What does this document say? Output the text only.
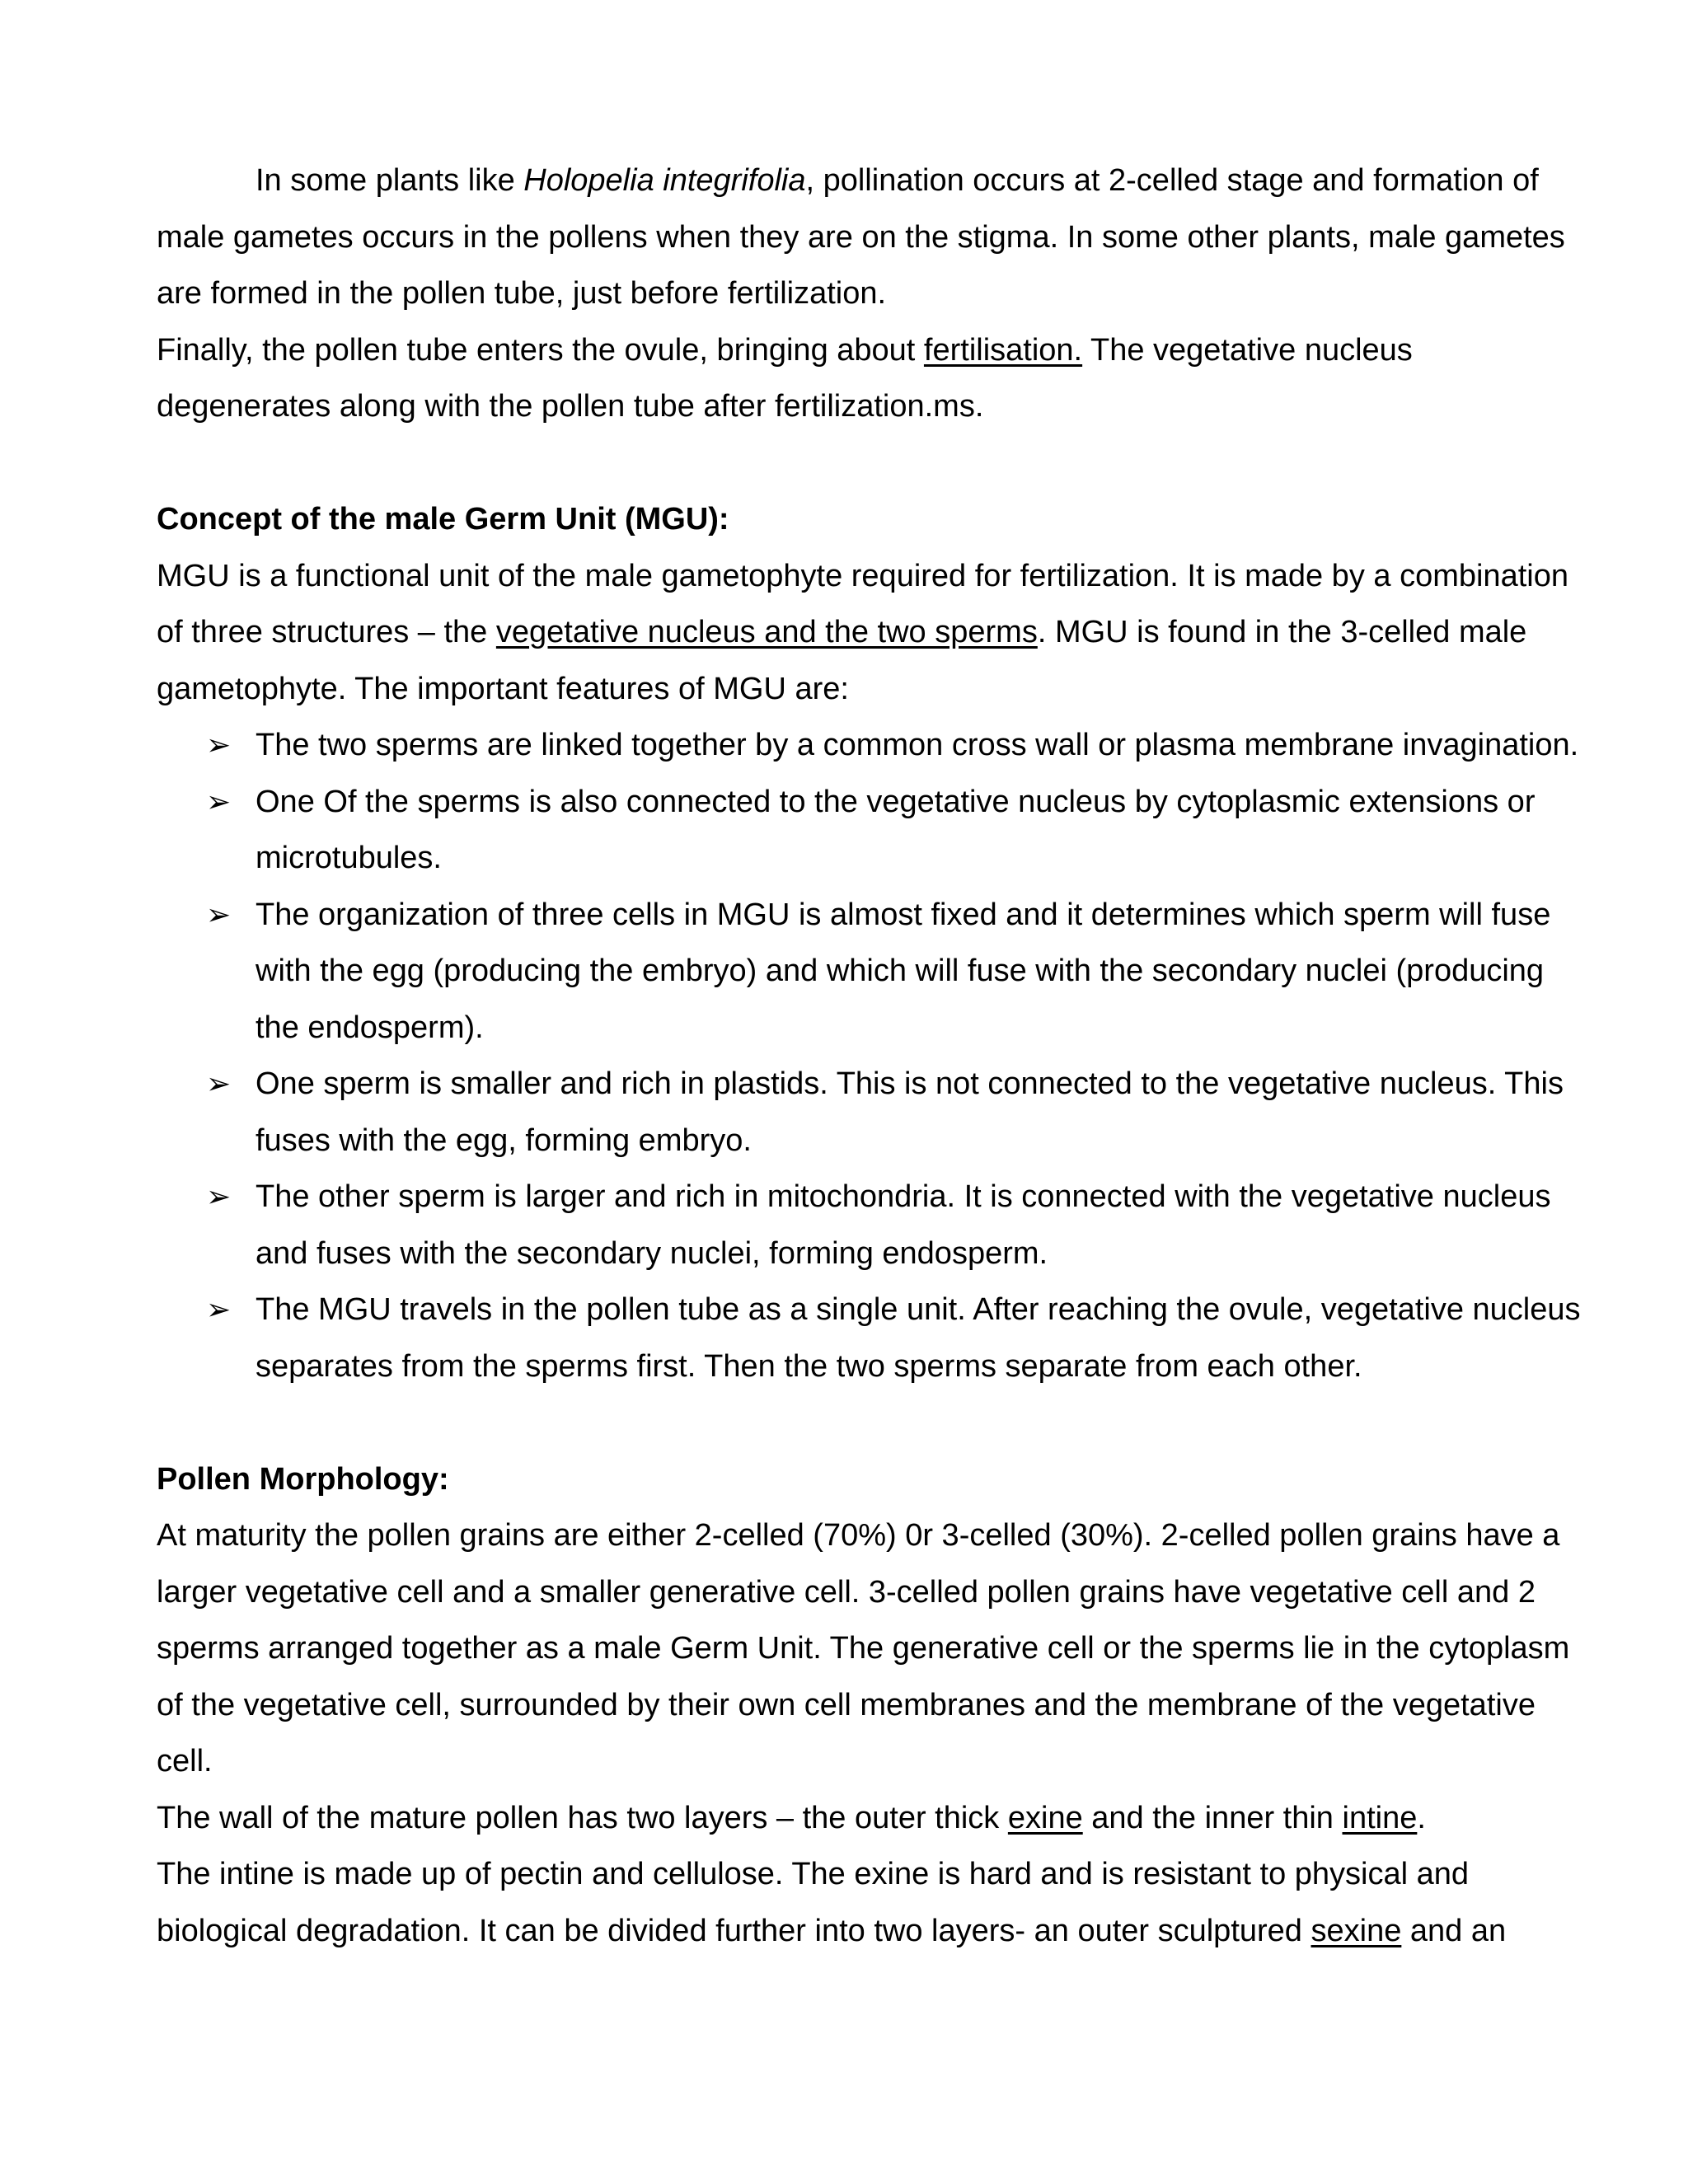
In some plants like Holopelia integrifolia, pollination occurs at 2-celled stage and formation of male gametes occurs in the pollens when they are on the stigma. In some other plants, male gametes are formed in the pollen tube, just before fertilization.

Finally, the pollen tube enters the ovule, bringing about fertilisation. The vegetative nucleus degenerates along with the pollen tube after fertilization.ms.

Concept of the male Germ Unit (MGU):

MGU is a functional unit of the male gametophyte required for fertilization. It is made by a combination of three structures – the vegetative nucleus and the two sperms. MGU is found in the 3-celled male gametophyte. The important features of MGU are:

➢ The two sperms are linked together by a common cross wall or plasma membrane invagination.
➢ One Of the sperms is also connected to the vegetative nucleus by cytoplasmic extensions or microtubules.
➢ The organization of three cells in MGU is almost fixed and it determines which sperm will fuse with the egg (producing the embryo) and which will fuse with the secondary nuclei (producing the endosperm).
➢ One sperm is smaller and rich in plastids. This is not connected to the vegetative nucleus. This fuses with the egg, forming embryo.
➢ The other sperm is larger and rich in mitochondria. It is connected with the vegetative nucleus and fuses with the secondary nuclei, forming endosperm.
➢ The MGU travels in the pollen tube as a single unit. After reaching the ovule, vegetative nucleus separates from the sperms first. Then the two sperms separate from each other.

Pollen Morphology:

At maturity the pollen grains are either 2-celled (70%) 0r 3-celled (30%). 2-celled pollen grains have a larger vegetative cell and a smaller generative cell. 3-celled pollen grains have vegetative cell and 2 sperms arranged together as a male Germ Unit. The generative cell or the sperms lie in the cytoplasm of the vegetative cell, surrounded by their own cell membranes and the membrane of the vegetative cell.

The wall of the mature pollen has two layers – the outer thick exine and the inner thin intine.

The intine is made up of pectin and cellulose. The exine is hard and is resistant to physical and biological degradation. It can be divided further into two layers- an outer sculptured sexine and an
